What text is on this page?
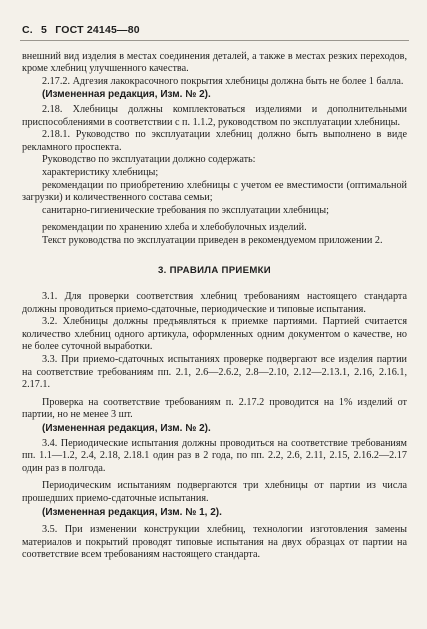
С. 5 ГОСТ 24145—80

внешний вид изделия в местах соединения деталей, а также в местах резких переходов, кроме хлебниц улучшенного качества.

2.17.2. Адгезия лакокрасочного покрытия хлебницы должна быть не более 1 балла.

(Измененная редакция, Изм. № 2).

2.18. Хлебницы должны комплектоваться изделиями и дополнительными приспособлениями в соответствии с п. 1.1.2, руководством по эксплуатации хлебницы.

2.18.1. Руководство по эксплуатации хлебниц должно быть выполнено в виде рекламного проспекта.

Руководство по эксплуатации должно содержать:

характеристику хлебницы;

рекомендации по приобретению хлебницы с учетом ее вместимости (оптимальной загрузки) и количественного состава семьи;

санитарно-гигиенические требования по эксплуатации хлебницы;

рекомендации по хранению хлеба и хлебобулочных изделий.

Текст руководства по эксплуатации приведен в рекомендуемом приложении 2.

3. ПРАВИЛА ПРИЕМКИ

3.1. Для проверки соответствия хлебниц требованиям настоящего стандарта должны проводиться приемо-сдаточные, периодические и типовые испытания.

3.2. Хлебницы должны предъявляться к приемке партиями. Партией считается количество хлебниц одного артикула, оформленных одним документом о качестве, но не более суточной выработки.

3.3. При приемо-сдаточных испытаниях проверке подвергают все изделия партии на соответствие требованиям пп. 2.1, 2.6—2.6.2, 2.8—2.10, 2.12—2.13.1, 2.16, 2.16.1, 2.17.1.

Проверка на соответствие требованиям п. 2.17.2 проводится на 1% изделий от партии, но не менее 3 шт.

(Измененная редакция, Изм. № 2).

3.4. Периодические испытания должны проводиться на соответствие требованиям пп. 1.1—1.2, 2.4, 2.18, 2.18.1 один раз в 2 года, по пп. 2.2, 2.6, 2.11, 2.15, 2.16.2—2.17 один раз в полгода.

Периодическим испытаниям подвергаются три хлебницы от партии из числа прошедших приемо-сдаточные испытания.

(Измененная редакция, Изм. № 1, 2).

3.5. При изменении конструкции хлебниц, технологии изготовления замены материалов и покрытий проводят типовые испытания на двух образцах от партии на соответствие всем требованиям настоящего стандарта.
